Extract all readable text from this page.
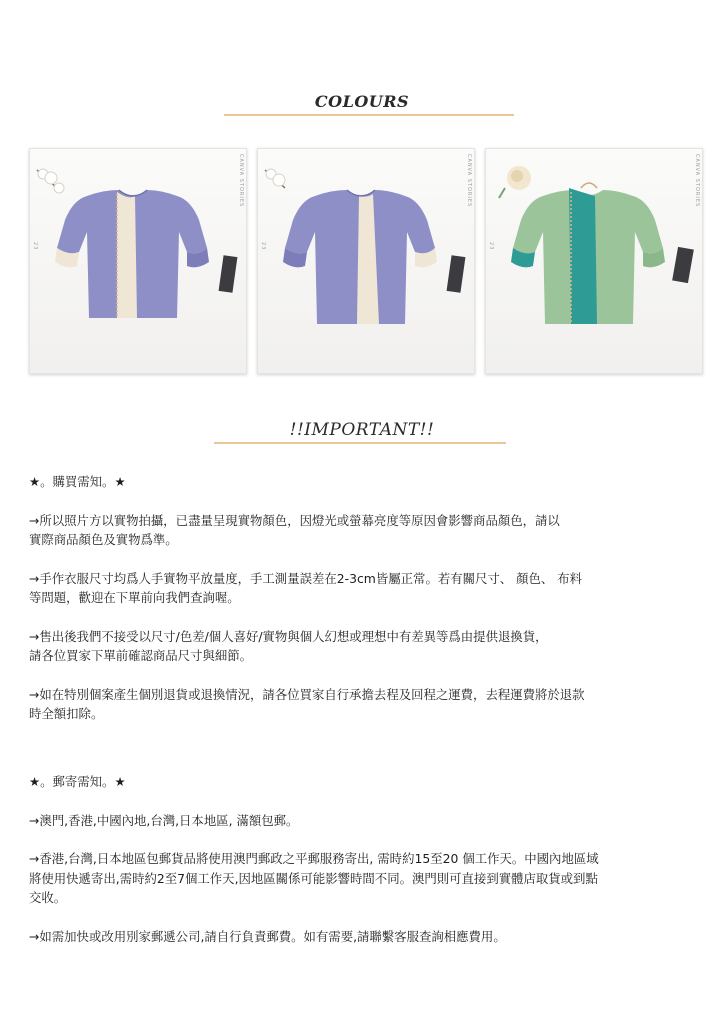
COLOURS
CANVA STORIES
23
CANVA STORIES
23
CANVA STORIES
23
!!IMPORTANT!!

★。購買需知。★

→所以照片方以實物拍攝，已盡量呈現實物顏色，因燈光或螢幕亮度等原因會影響商品顏色，請以
實際商品顏色及實物爲準。

→手作衣服尺寸均爲人手實物平放量度，手工測量誤差在2-3cm皆屬正常。若有關尺寸、 顏色、 布料
等問題，歡迎在下單前向我們查詢喔。

→售出後我們不接受以尺寸/色差/個人喜好/實物與個人幻想或理想中有差異等爲由提供退換貨，
請各位買家下單前確認商品尺寸與細節。

→如在特別個案產生個別退貨或退換情況，請各位買家自行承擔去程及回程之運費，去程運費將於退款
時全額扣除。

★。郵寄需知。★

→澳門,香港,中國內地,台灣,日本地區, 滿額包郵。

→香港,台灣,日本地區包郵貨品將使用澳門郵政之平郵服務寄出, 需時約15至20 個工作天。中國內地區域
將使用快遞寄出,需時約2至7個工作天,因地區關係可能影響時間不同。澳門則可直接到實體店取貨或到點
交收。

→如需加快或改用別家郵遞公司,請自行負責郵費。如有需要,請聯繫客服查詢相應費用。
